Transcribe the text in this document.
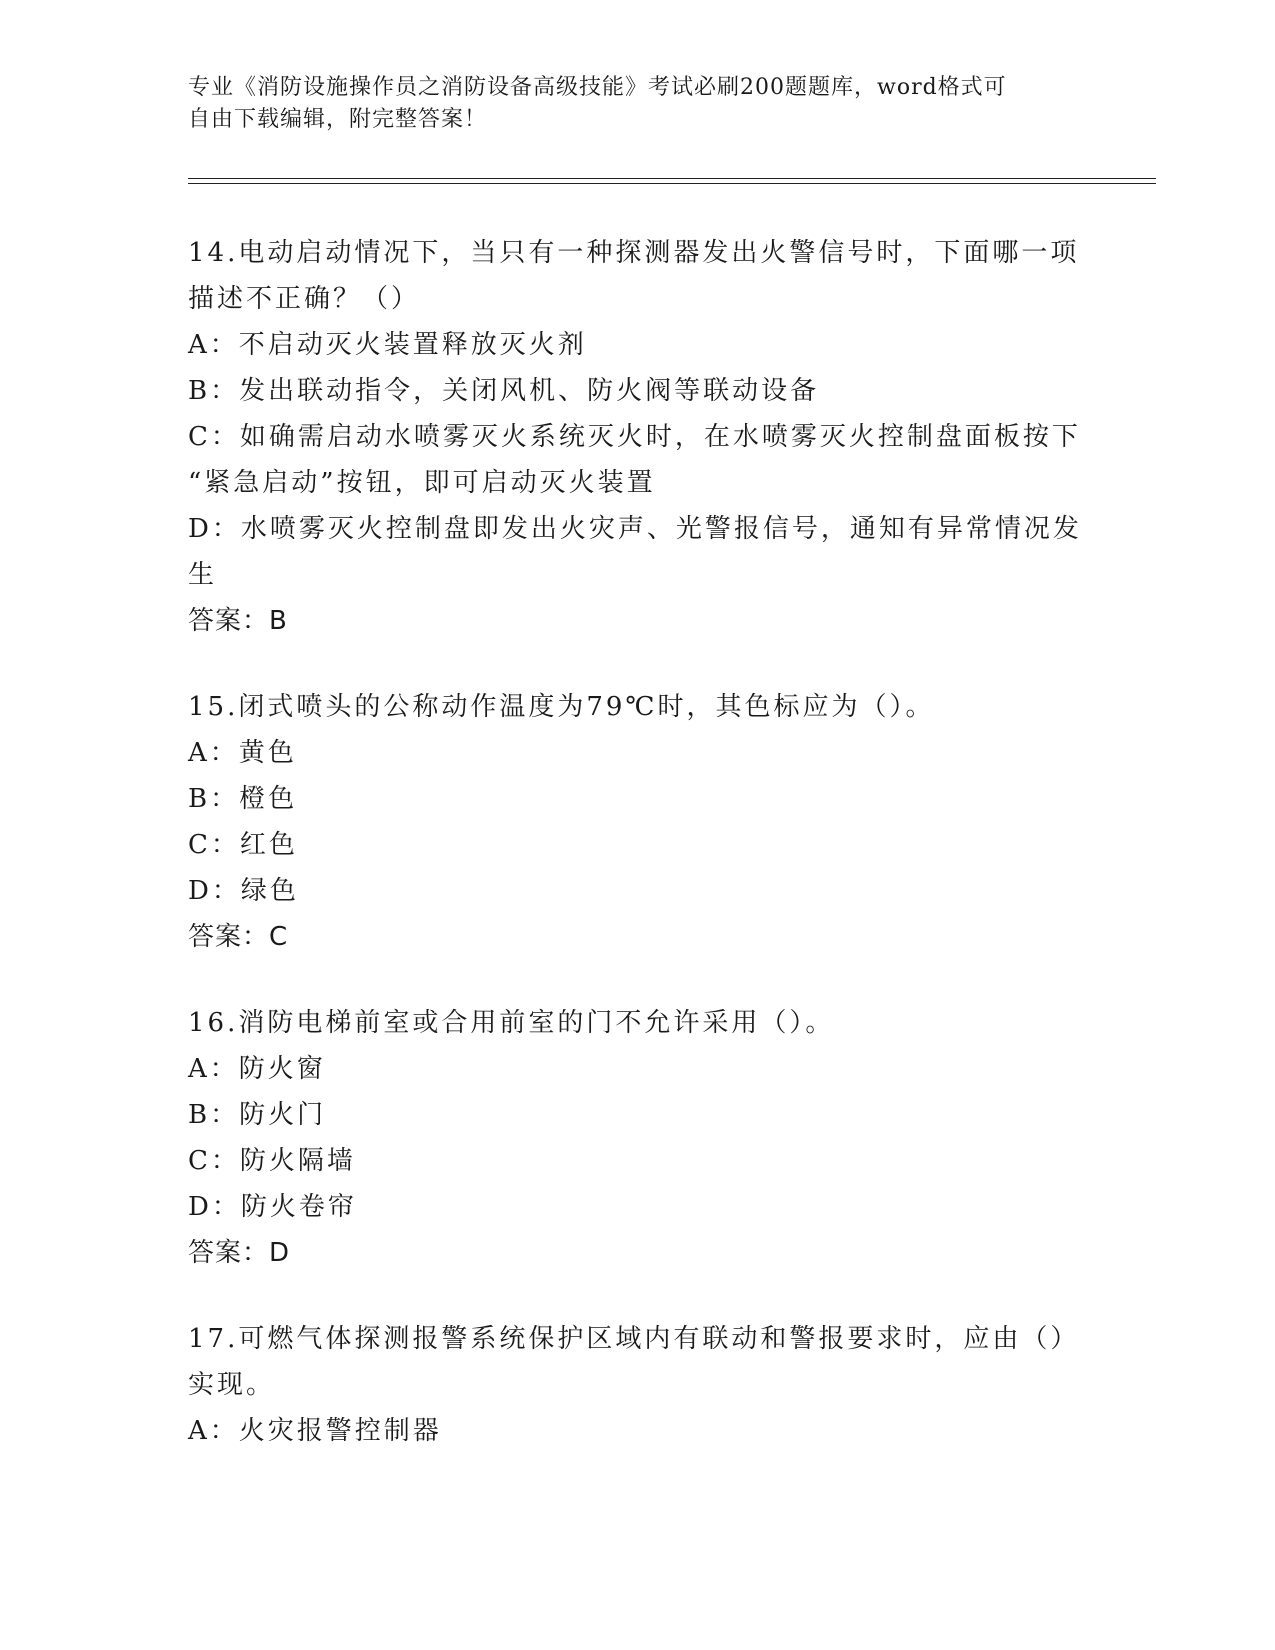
专业《消防设施操作员之消防设备高级技能》考试必刷200题题库，word格式可
自由下载编辑，附完整答案！
14.电动启动情况下，当只有一种探测器发出火警信号时，下面哪一项
描述不正确？（）
A：不启动灭火装置释放灭火剂
B：发出联动指令，关闭风机、防火阀等联动设备
C：如确需启动水喷雾灭火系统灭火时，在水喷雾灭火控制盘面板按下
“紧急启动”按钮，即可启动灭火装置
D：水喷雾灭火控制盘即发出火灾声、光警报信号，通知有异常情况发
生
答案：B
15.闭式喷头的公称动作温度为79℃时，其色标应为（）。
A：黄色
B：橙色
C：红色
D：绿色
答案：C
16.消防电梯前室或合用前室的门不允许采用（）。
A：防火窗
B：防火门
C：防火隔墙
D：防火卷帘
答案：D
17.可燃气体探测报警系统保护区域内有联动和警报要求时，应由（）
实现。
A：火灾报警控制器
